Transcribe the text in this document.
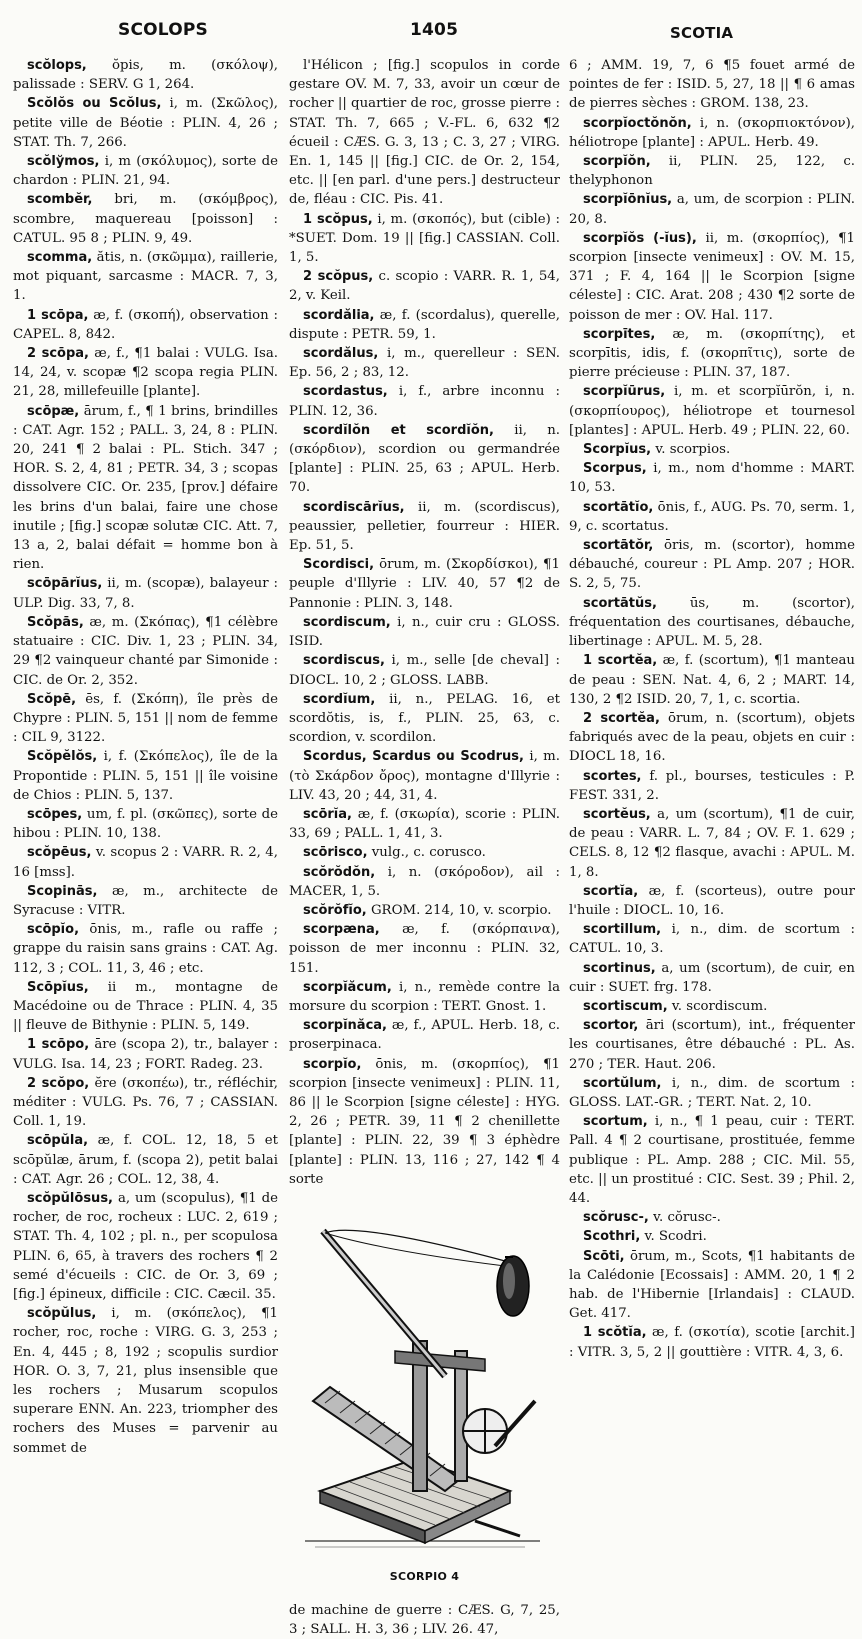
SCOLOPS	1405	SCOTIA

scŏlops, ŏpis, m. (σκόλοψ), palissade : SERV. G 1, 264.

Scŏlŏs ou Scŏlus, i, m. (Σκῶλος), petite ville de Béotie : PLIN. 4, 26 ; STAT. Th. 7, 266.

scŏlўmos, i, m (σκόλυμος), sorte de chardon : PLIN. 21, 94.

scombĕr, bri, m. (σκόμβρος), scombre, maquereau [poisson] : CATUL. 95 8 ; PLIN. 9, 49.

scomma, ătis, n. (σκῶμμα), raillerie, mot piquant, sarcasme : MACR. 7, 3, 1.

1 scōpa, æ, f. (σκοπή), observation : CAPEL. 8, 842.

2 scōpa, æ, f., ¶1 balai : VULG. Isa. 14, 24, v. scopæ ¶2 scopa regia PLIN. 21, 28, millefeuille [plante].

scōpæ, ārum, f., ¶ 1 brins, brindilles : CAT. Agr. 152 ; PALL. 3, 24, 8 : PLIN. 20, 241 ¶ 2 balai : PL. Stich. 347 ; HOR. S. 2, 4, 81 ; PETR. 34, 3 ; scopas dissolvere CIC. Or. 235, [prov.] défaire les brins d'un balai, faire une chose inutile ; [fig.] scopæ solutæ CIC. Att. 7, 13 a, 2, balai défait = homme bon à rien.

scōpārĭus, ii, m. (scopæ), balayeur : ULP. Dig. 33, 7, 8.

Scŏpās, æ, m. (Σκόπας), ¶1 célèbre statuaire : CIC. Div. 1, 23 ; PLIN. 34, 29 ¶2 vainqueur chanté par Simonide : CIC. de Or. 2, 352.

Scŏpē, ēs, f. (Σκόπη), île près de Chypre : PLIN. 5, 151 || nom de femme : CIL 9, 3122.

Scŏpĕlŏs, i, f. (Σκόπελος), île de la Propontide : PLIN. 5, 151 || île voisine de Chios : PLIN. 5, 137.

scōpes, um, f. pl. (σκῶπες), sorte de hibou : PLIN. 10, 138.

scŏpēus, v. scopus 2 : VARR. R. 2, 4, 16 [mss].

Scopinās, æ, m., architecte de Syracuse : VITR.

scōpĭo, ōnis, m., rafle ou raffe ; grappe du raisin sans grains : CAT. Ag. 112, 3 ; COL. 11, 3, 46 ; etc.

Scōpĭus, ii m., montagne de Macédoine ou de Thrace : PLIN. 4, 35 || fleuve de Bithynie : PLIN. 5, 149.

1 scōpo, āre (scopa 2), tr., balayer : VULG. Isa. 14, 23 ; FORT. Radeg. 23.

2 scŏpo, ĕre (σκοπέω), tr., réfléchir, méditer : VULG. Ps. 76, 7 ; CASSIAN. Coll. 1, 19.

scōpŭla, æ, f. COL. 12, 18, 5 et scōpŭlæ, ārum, f. (scopa 2), petit balai : CAT. Agr. 26 ; COL. 12, 38, 4.

scŏpŭlōsus, a, um (scopulus), ¶1 de rocher, de roc, rocheux : LUC. 2, 619 ; STAT. Th. 4, 102 ; pl. n., per scopulosa PLIN. 6, 65, à travers des rochers ¶ 2 semé d'écueils : CIC. de Or. 3, 69 ; [fig.] épineux, difficile : CIC. Cæcil. 35.

scŏpŭlus, i, m. (σκόπελος), ¶1 rocher, roc, roche : VIRG. G. 3, 253 ; En. 4, 445 ; 8, 192 ; scopulis surdior HOR. O. 3, 7, 21, plus insensible que les rochers ; Musarum scopulos superare ENN. An. 223, triompher des rochers des Muses = parvenir au sommet de

l'Hélicon ; [fig.] scopulos in corde gestare OV. M. 7, 33, avoir un cœur de rocher || quartier de roc, grosse pierre : STAT. Th. 7, 665 ; V.-FL. 6, 632 ¶2 écueil : CÆS. G. 3, 13 ; C. 3, 27 ; VIRG. En. 1, 145 || [fig.] CIC. de Or. 2, 154, etc. || [en parl. d'une pers.] destructeur de, fléau : CIC. Pis. 41.

1 scŏpus, i, m. (σκοπός), but (cible) : *SUET. Dom. 19 || [fig.] CASSIAN. Coll. 1, 5.

2 scŏpus, c. scopio : VARR. R. 1, 54, 2, v. Keil.

scordălia, æ, f. (scordalus), querelle, dispute : PETR. 59, 1.

scordălus, i, m., querelleur : SEN. Ep. 56, 2 ; 83, 12.

scordastus, i, f., arbre inconnu : PLIN. 12, 36.

scordĭlŏn et scordĭŏn, ii, n. (σκόρδιον), scordion ou germandrée [plante] : PLIN. 25, 63 ; APUL. Herb. 70.

scordiscārĭus, ii, m. (scordiscus), peaussier, pelletier, fourreur : HIER. Ep. 51, 5.

Scordisci, ōrum, m. (Σκορδίσκοι), ¶1 peuple d'Illyrie : LIV. 40, 57 ¶2 de Pannonie : PLIN. 3, 148.

scordiscum, i, n., cuir cru : GLOSS. ISID.

scordiscus, i, m., selle [de cheval] : DIOCL. 10, 2 ; GLOSS. LABB.

scordĭum, ii, n., PELAG. 16, et scordŏtis, is, f., PLIN. 25, 63, c. scordion, v. scordilon.

Scordus, Scardus ou Scodrus, i, m. (τὸ Σκάρδον ὄρος), montagne d'Illyrie : LIV. 43, 20 ; 44, 31, 4.

scōrĭa, æ, f. (σκωρία), scorie : PLIN. 33, 69 ; PALL. 1, 41, 3.

scōrisco, vulg., c. corusco.

scŏrŏdŏn, i, n. (σκόροδον), ail : MACER, 1, 5.

scŏrŏfĭo, GROM. 214, 10, v. scorpio.

scorpæna, æ, f. (σκόρπαινα), poisson de mer inconnu : PLIN. 32, 151.

scorpĭăcum, i, n., remède contre la morsure du scorpion : TERT. Gnost. 1.

scorpĭnăca, æ, f., APUL. Herb. 18, c. proserpinaca.

scorpĭo, ōnis, m. (σκορπίος), ¶1 scorpion [insecte venimeux] : PLIN. 11, 86 || le Scorpion [signe céleste] : HYG. 2, 26 ; PETR. 39, 11 ¶ 2 chenillette [plante] : PLIN. 22, 39 ¶ 3 éphèdre [plante] : PLIN. 13, 116 ; 27, 142 ¶ 4 sorte

SCORPIO 4

de machine de guerre : CÆS. G, 7, 25, 3 ; SALL. H. 3, 36 ; LIV. 26. 47,

6 ; AMM. 19, 7, 6 ¶5 fouet armé de pointes de fer : ISID. 5, 27, 18 || ¶ 6 amas de pierres sèches : GROM. 138, 23.

scorpĭoctŏnŏn, i, n. (σκορπιοκτόνον), héliotrope [plante] : APUL. Herb. 49.

scorpĭŏn, ii, PLIN. 25, 122, c. thelyphonon

scorpĭōnĭus, a, um, de scorpion : PLIN. 20, 8.

scorpĭŏs (-ĭus), ii, m. (σκορπίος), ¶1 scorpion [insecte venimeux] : OV. M. 15, 371 ; F. 4, 164 || le Scorpion [signe céleste] : CIC. Arat. 208 ; 430 ¶2 sorte de poisson de mer : OV. Hal. 117.

scorpītes, æ, m. (σκορπίτης), et scorpītis, idis, f. (σκορπῖτις), sorte de pierre précieuse : PLIN. 37, 187.

scorpĭūrus, i, m. et scorpĭūrŏn, i, n. (σκορπίουρος), héliotrope et tournesol [plantes] : APUL. Herb. 49 ; PLIN. 22, 60.

Scorpĭus, v. scorpios.

Scorpus, i, m., nom d'homme : MART. 10, 53.

scortātĭo, ōnis, f., AUG. Ps. 70, serm. 1, 9, c. scortatus.

scortātŏr, ōris, m. (scortor), homme débauché, coureur : PL Amp. 207 ; HOR. S. 2, 5, 75.

scortātŭs, ūs, m. (scortor), fréquentation des courtisanes, débauche, libertinage : APUL. M. 5, 28.

1 scortĕa, æ, f. (scortum), ¶1 manteau de peau : SEN. Nat. 4, 6, 2 ; MART. 14, 130, 2 ¶2 ISID. 20, 7, 1, c. scortia.

2 scortĕa, ōrum, n. (scortum), objets fabriqués avec de la peau, objets en cuir : DIOCL 18, 16.

scortes, f. pl., bourses, testicules : P. FEST. 331, 2.

scortĕus, a, um (scortum), ¶1 de cuir, de peau : VARR. L. 7, 84 ; OV. F. 1. 629 ; CELS. 8, 12 ¶2 flasque, avachi : APUL. M. 1, 8.

scortĭa, æ, f. (scorteus), outre pour l'huile : DIOCL. 10, 16.

scortillum, i, n., dim. de scortum : CATUL. 10, 3.

scortinus, a, um (scortum), de cuir, en cuir : SUET. frg. 178.

scortiscum, v. scordiscum.

scortor, āri (scortum), int., fréquenter les courtisanes, être débauché : PL. As. 270 ; TER. Haut. 206.

scortŭlum, i, n., dim. de scortum : GLOSS. LAT.-GR. ; TERT. Nat. 2, 10.

scortum, i, n., ¶ 1 peau, cuir : TERT. Pall. 4 ¶ 2 courtisane, prostituée, femme publique : PL. Amp. 288 ; CIC. Mil. 55, etc. || un prostitué : CIC. Sest. 39 ; Phil. 2, 44.

scŏrusc-, v. cŏrusc-.

Scothri, v. Scodri.

Scōti, ōrum, m., Scots, ¶1 habitants de la Calédonie [Ecossais] : AMM. 20, 1 ¶ 2 hab. de l'Hibernie [Irlandais] : CLAUD. Get. 417.

1 scŏtĭa, æ, f. (σκοτία), scotie [archit.] : VITR. 3, 5, 2 || gouttière : VITR. 4, 3, 6.
